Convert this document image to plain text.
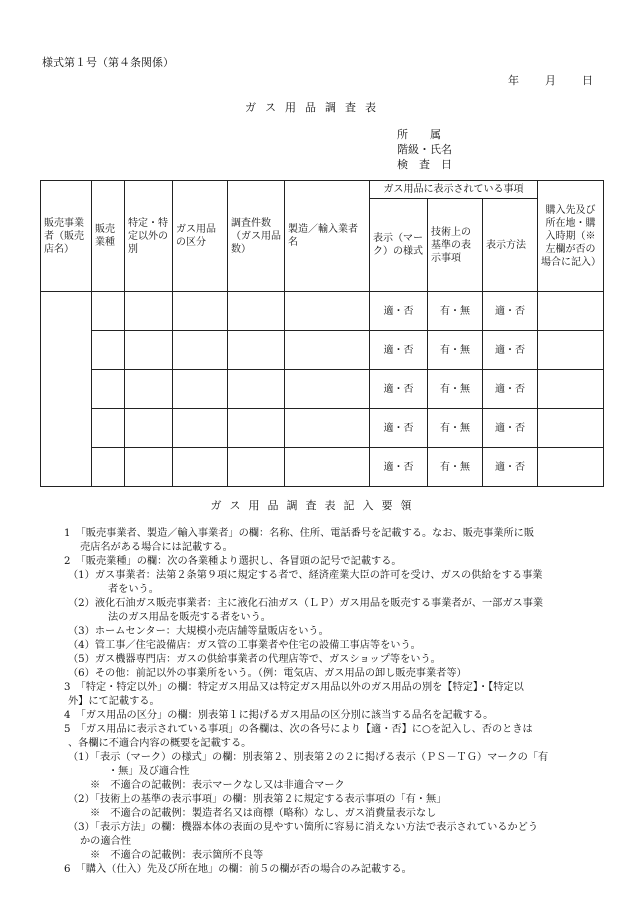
様式第１号（第４条関係）
年 月 日
ガス用品調査表
所　　属
階級・氏名
検　査　日
販売事業者（販売店名）	販売業種	特定・特定以外の別	ガス用品の区分	調査件数（ガス用品数）	製造／輸入業者名	ガス用品に表示されている事項			購入先及び所在地・購入時期（※左欄が否の場合に記入）
						表示（マーク）の様式	技術上の基準の表示事項	表示方法	
						適・否	有・無	適・否	
						適・否	有・無	適・否	
						適・否	有・無	適・否	
						適・否	有・無	適・否	
						適・否	有・無	適・否	
ガス用品調査表記入要領
1　「販売事業者、製造／輸入事業者」の欄：名称、住所、電話番号を記載する。なお、販売事業所に販
売店名がある場合には記載する。
2　「販売業種」の欄：次の各業種より選択し、各冒頭の記号で記載する。
（1）ガス事業者：法第２条第９項に規定する者で、経済産業大臣の許可を受け、ガスの供給をする事業
者をいう。
（2）液化石油ガス販売事業者：主に液化石油ガス（ＬＰ）ガス用品を販売する事業者が、一部ガス事業
法のガス用品を販売する者をいう。
（3）ホームセンター：大規模小売店舗等量販店をいう。
（4）管工事／住宅設備店：ガス管の工事業者や住宅の設備工事店等をいう。
（5）ガス機器専門店：ガスの供給事業者の代理店等で、ガスショップ等をいう。
（6）その他：前記以外の事業所をいう。（例：電気店、ガス用品の卸し販売事業者等）
3　「特定・特定以外」の欄：特定ガス用品又は特定ガス用品以外のガス用品の別を【特定】・【特定以
外】にて記載する。
4　「ガス用品の区分」の欄：別表第１に掲げるガス用品の区分別に該当する品名を記載する。
5　「ガス用品に表示されている事項」の各欄は、次の各号により【適・否】に○を記入し、否のときは
、各欄に不適合内容の概要を記載する。
（1）「表示（マーク）の様式」の欄：別表第２、別表第２の２に掲げる表示（ＰＳ－ＴＧ）マークの「有
・無」及び適合性
※　不適合の記載例：表示マークなし又は非適合マーク
（2）「技術上の基準の表示事項」の欄：別表第２に規定する表示事項の「有・無」
※　不適合の記載例：製造者名又は商標（略称）なし、ガス消費量表示なし
（3）「表示方法」の欄：機器本体の表面の見やすい箇所に容易に消えない方法で表示されているかどう
かの適合性
※　不適合の記載例：表示箇所不良等
6　「購入（仕入）先及び所在地」の欄：前５の欄が否の場合のみ記載する。
